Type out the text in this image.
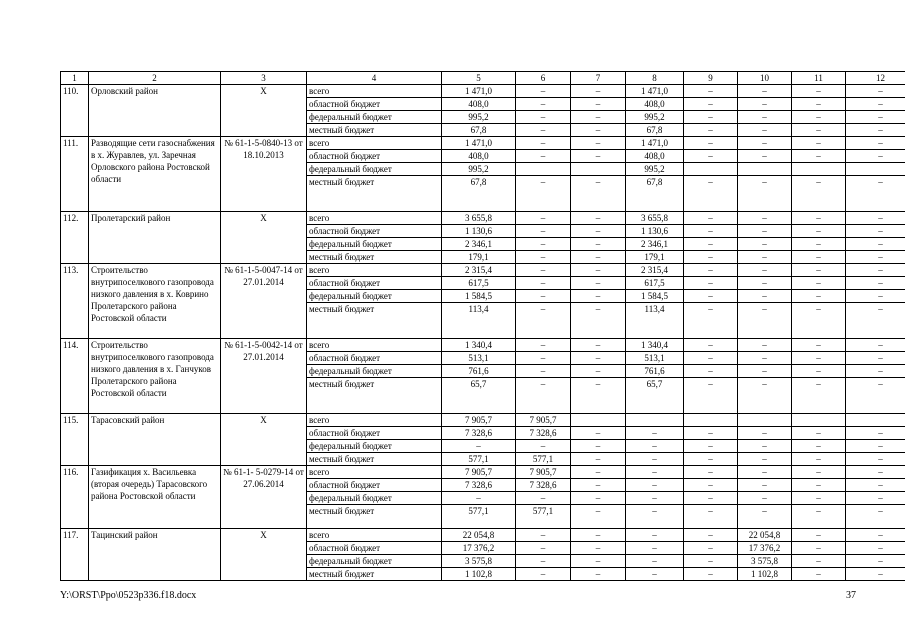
1	2	3	4	5	6	7	8	9	10	11	12
110.	Орловский район	Х	всего	1 471,0	–	–	1 471,0	–	–	–	–
			областной бюджет	408,0	–	–	408,0	–	–	–	–
			федеральный бюджет	995,2	–	–	995,2	–	–	–	–
			местный бюджет	67,8	–	–	67,8	–	–	–	–
111.	Разводящие сети газоснабжения в х. Журавлев, ул. Заречная Орловского района Ростовской области	№ 61-1-5-0840-13 от 18.10.2013	всего	1 471,0	–	–	1 471,0	–	–	–	–
			областной бюджет	408,0	–	–	408,0	–	–	–	–
			федеральный бюджет	995,2			995,2				
			местный бюджет	67,8	–	–	67,8	–	–	–	–
112.	Пролетарский район	Х	всего	3 655,8	–	–	3 655,8	–	–	–	–
			областной бюджет	1 130,6	–	–	1 130,6	–	–	–	–
			федеральный бюджет	2 346,1	–	–	2 346,1	–	–	–	–
			местный бюджет	179,1	–	–	179,1	–	–	–	–
113.	Строительство внутрипоселкового газопровода низкого давления в х. Коврино Пролетарского района Ростовской области	№ 61-1-5-0047-14 от 27.01.2014	всего	2 315,4	–	–	2 315,4	–	–	–	–
			областной бюджет	617,5	–	–	617,5	–	–	–	–
			федеральный бюджет	1 584,5	–	–	1 584,5	–	–	–	–
			местный бюджет	113,4	–	–	113,4	–	–	–	–
114.	Строительство внутрипоселкового газопровода низкого давления в х. Ганчуков Пролетарского района Ростовской области	№ 61-1-5-0042-14 от 27.01.2014	всего	1 340,4	–	–	1 340,4	–	–	–	–
			областной бюджет	513,1	–	–	513,1	–	–	–	–
			федеральный бюджет	761,6	–	–	761,6	–	–	–	–
			местный бюджет	65,7	–	–	65,7	–	–	–	–
115.	Тарасовский район	Х	всего	7 905,7	7 905,7						
			областной бюджет	7 328,6	7 328,6	–	–	–	–	–	–
			федеральный бюджет	–	–	–	–	–	–	–	–
			местный бюджет	577,1	577,1	–	–	–	–	–	–
116.	Газификация х. Васильевка (вторая очередь) Тарасовского района Ростовской области	№ 61-1- 5-0279-14 от 27.06.2014	всего	7 905,7	7 905,7	–	–	–	–	–	–
			областной бюджет	7 328,6	7 328,6	–	–	–	–	–	–
			федеральный бюджет	–	–	–	–	–	–	–	–
			местный бюджет	577,1	577,1	–	–	–	–	–	–
117.	Тацинский район	Х	всего	22 054,8	–	–	–	–	22 054,8	–	–
			областной бюджет	17 376,2	–	–	–	–	17 376,2	–	–
			федеральный бюджет	3 575,8	–	–	–	–	3 575,8	–	–
			местный бюджет	1 102,8	–	–	–	–	1 102,8	–	–
Y:\ORST\Ppo\0523p336.f18.docx	37
